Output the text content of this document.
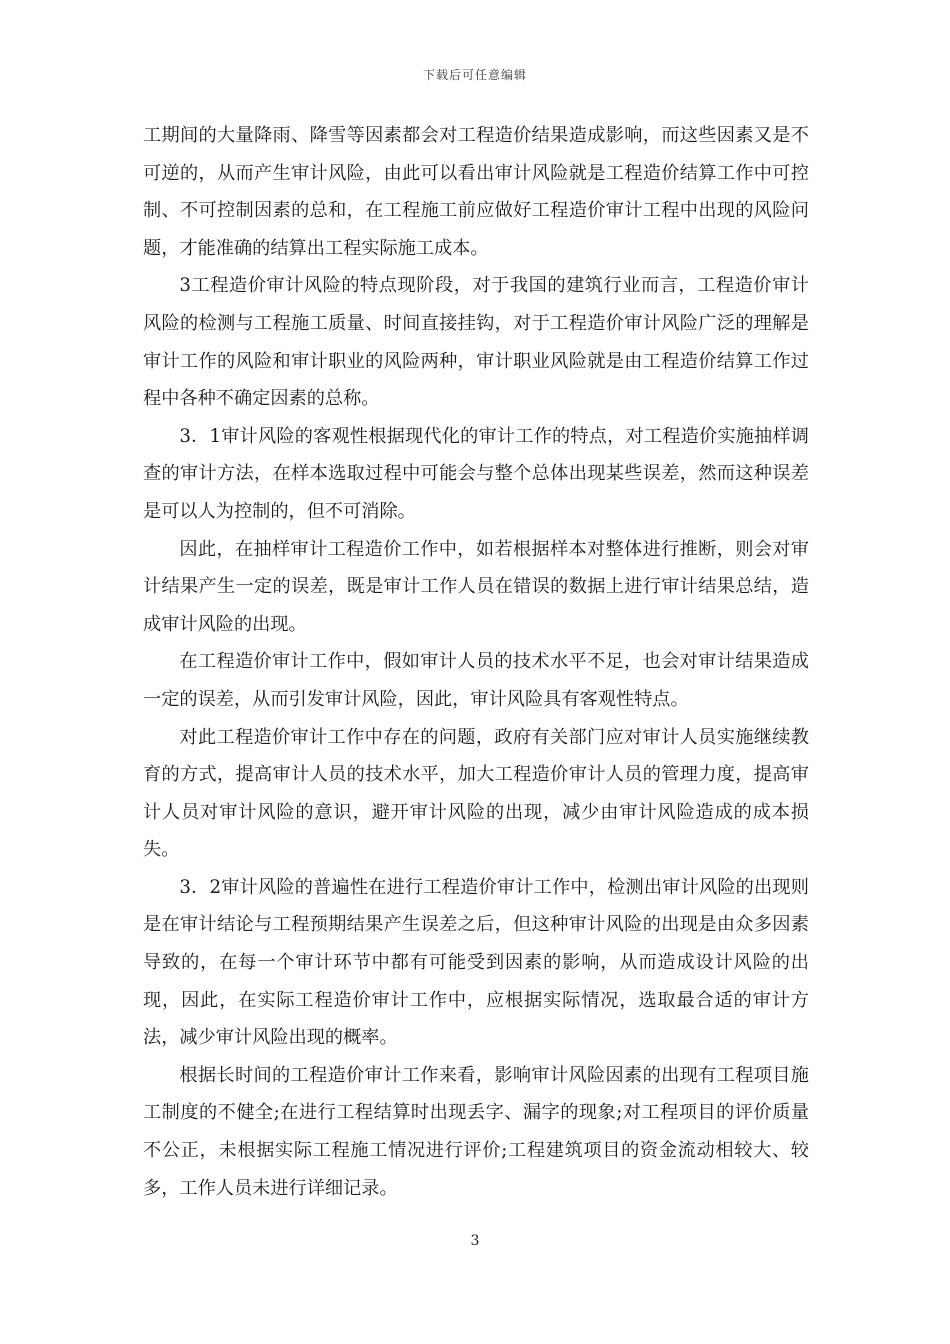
下载后可任意编辑

工期间的大量降雨、降雪等因素都会对工程造价结果造成影响，而这些因素又是不可逆的，从而产生审计风险，由此可以看出审计风险就是工程造价结算工作中可控制、不可控制因素的总和，在工程施工前应做好工程造价审计工程中出现的风险问题，才能准确的结算出工程实际施工成本。

3工程造价审计风险的特点现阶段，对于我国的建筑行业而言，工程造价审计风险的检测与工程施工质量、时间直接挂钩，对于工程造价审计风险广泛的理解是审计工作的风险和审计职业的风险两种，审计职业风险就是由工程造价结算工作过程中各种不确定因素的总称。

3．1审计风险的客观性根据现代化的审计工作的特点，对工程造价实施抽样调查的审计方法，在样本选取过程中可能会与整个总体出现某些误差，然而这种误差是可以人为控制的，但不可消除。

因此，在抽样审计工程造价工作中，如若根据样本对整体进行推断，则会对审计结果产生一定的误差，既是审计工作人员在错误的数据上进行审计结果总结，造成审计风险的出现。

在工程造价审计工作中，假如审计人员的技术水平不足，也会对审计结果造成一定的误差，从而引发审计风险，因此，审计风险具有客观性特点。

对此工程造价审计工作中存在的问题，政府有关部门应对审计人员实施继续教育的方式，提高审计人员的技术水平，加大工程造价审计人员的管理力度，提高审计人员对审计风险的意识，避开审计风险的出现，减少由审计风险造成的成本损失。

3．2审计风险的普遍性在进行工程造价审计工作中，检测出审计风险的出现则是在审计结论与工程预期结果产生误差之后，但这种审计风险的出现是由众多因素导致的，在每一个审计环节中都有可能受到因素的影响，从而造成设计风险的出现，因此，在实际工程造价审计工作中，应根据实际情况，选取最合适的审计方法，减少审计风险出现的概率。

根据长时间的工程造价审计工作来看，影响审计风险因素的出现有工程项目施工制度的不健全;在进行工程结算时出现丢字、漏字的现象;对工程项目的评价质量不公正，未根据实际工程施工情况进行评价;工程建筑项目的资金流动相较大、较多，工作人员未进行详细记录。

3
